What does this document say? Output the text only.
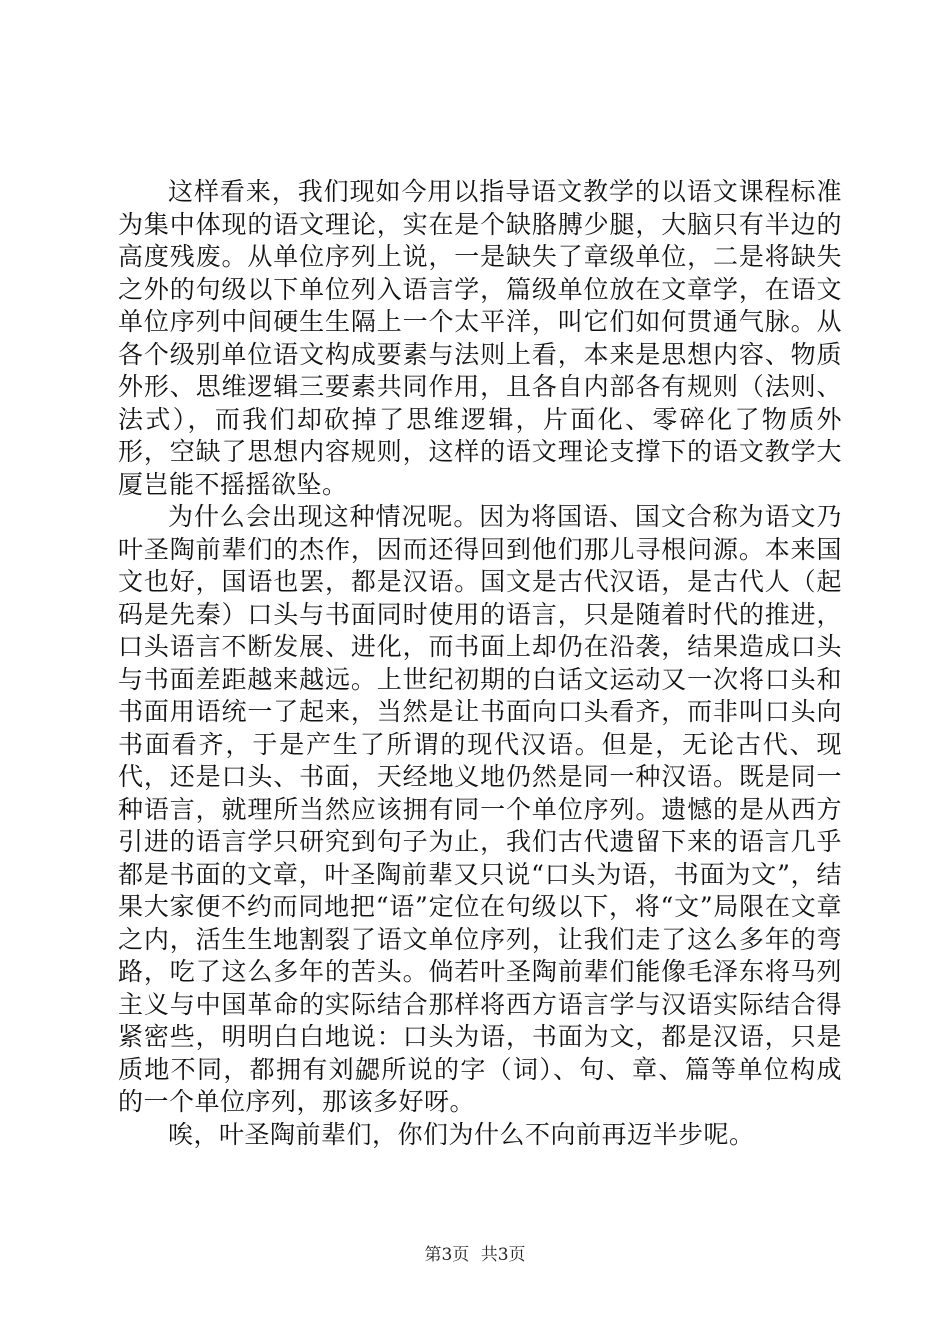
这样看来，我们现如今用以指导语文教学的以语文课程标准为集中体现的语文理论，实在是个缺胳膊少腿，大脑只有半边的高度残废。从单位序列上说，一是缺失了章级单位，二是将缺失之外的句级以下单位列入语言学，篇级单位放在文章学，在语文单位序列中间硬生生隔上一个太平洋，叫它们如何贯通气脉。从各个级别单位语文构成要素与法则上看，本来是思想内容、物质外形、思维逻辑三要素共同作用，且各自内部各有规则（法则、法式），而我们却砍掉了思维逻辑，片面化、零碎化了物质外形，空缺了思想内容规则，这样的语文理论支撑下的语文教学大厦岂能不摇摇欲坠。

为什么会出现这种情况呢。因为将国语、国文合称为语文乃叶圣陶前辈们的杰作，因而还得回到他们那儿寻根问源。本来国文也好，国语也罢，都是汉语。国文是古代汉语，是古代人（起码是先秦）口头与书面同时使用的语言，只是随着时代的推进，口头语言不断发展、进化，而书面上却仍在沿袭，结果造成口头与书面差距越来越远。上世纪初期的白话文运动又一次将口头和书面用语统一了起来，当然是让书面向口头看齐，而非叫口头向书面看齐，于是产生了所谓的现代汉语。但是，无论古代、现代，还是口头、书面，天经地义地仍然是同一种汉语。既是同一种语言，就理所当然应该拥有同一个单位序列。遗憾的是从西方引进的语言学只研究到句子为止，我们古代遗留下来的语言几乎都是书面的文章，叶圣陶前辈又只说“口头为语，书面为文”，结果大家便不约而同地把“语”定位在句级以下，将“文”局限在文章之内，活生生地割裂了语文单位序列，让我们走了这么多年的弯路，吃了这么多年的苦头。倘若叶圣陶前辈们能像毛泽东将马列主义与中国革命的实际结合那样将西方语言学与汉语实际结合得紧密些，明明白白地说：口头为语，书面为文，都是汉语，只是质地不同，都拥有刘勰所说的字（词）、句、章、篇等单位构成的一个单位序列，那该多好呀。

唉，叶圣陶前辈们，你们为什么不向前再迈半步呢。

第3页 共3页
